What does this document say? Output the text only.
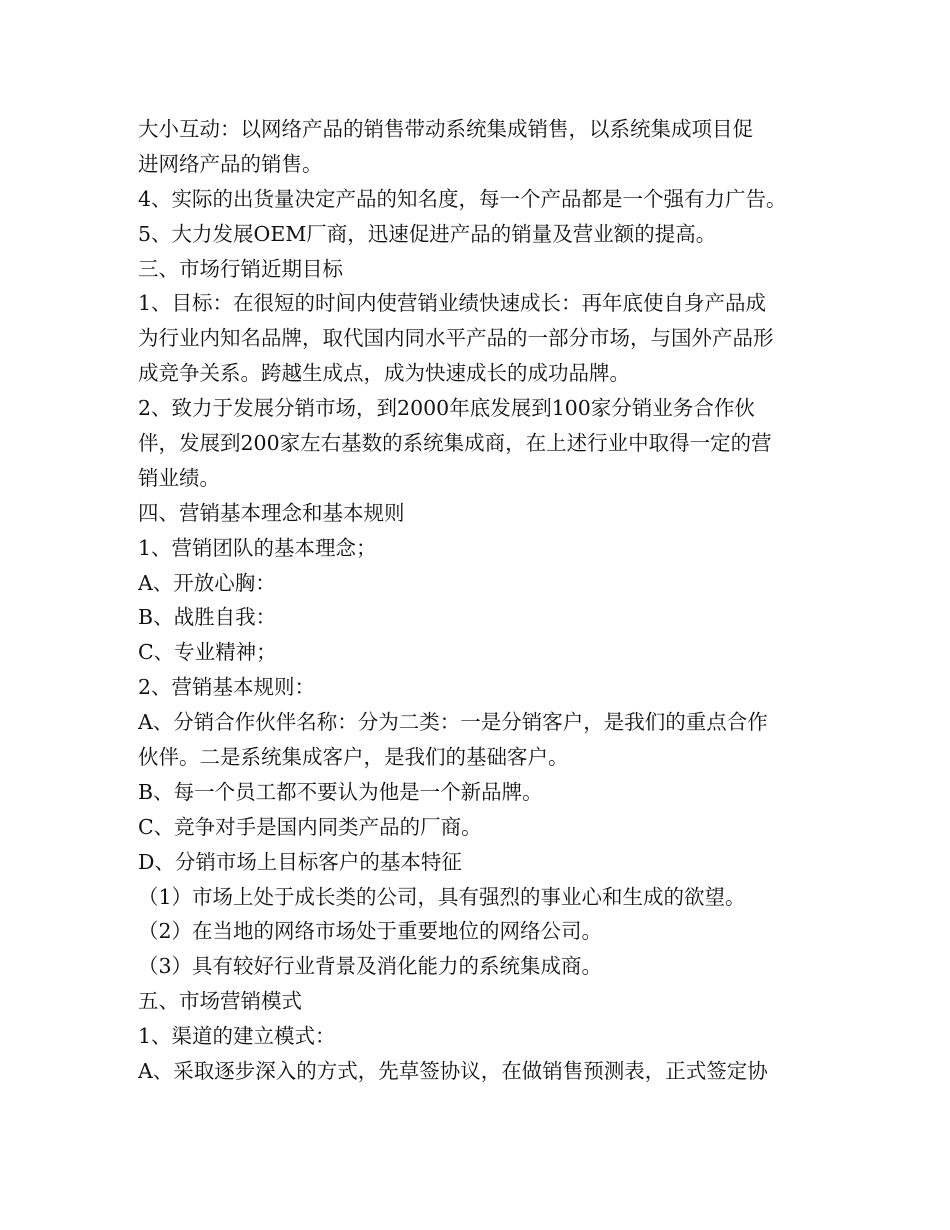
大小互动：以网络产品的销售带动系统集成销售，以系统集成项目促
进网络产品的销售。
4、实际的出货量决定产品的知名度，每一个产品都是一个强有力广告。
5、大力发展OEM厂商，迅速促进产品的销量及营业额的提高。
三、市场行销近期目标
1、目标：在很短的时间内使营销业绩快速成长：再年底使自身产品成
为行业内知名品牌，取代国内同水平产品的一部分市场，与国外产品形
成竞争关系。跨越生成点，成为快速成长的成功品牌。
2、致力于发展分销市场，到2000年底发展到100家分销业务合作伙
伴，发展到200家左右基数的系统集成商，在上述行业中取得一定的营
销业绩。
四、营销基本理念和基本规则
1、营销团队的基本理念；
A、开放心胸：
B、战胜自我：
C、专业精神；
2、营销基本规则：
A、分销合作伙伴名称：分为二类：一是分销客户，是我们的重点合作
伙伴。二是系统集成客户，是我们的基础客户。
B、每一个员工都不要认为他是一个新品牌。
C、竞争对手是国内同类产品的厂商。
D、分销市场上目标客户的基本特征
（1）市场上处于成长类的公司，具有强烈的事业心和生成的欲望。
（2）在当地的网络市场处于重要地位的网络公司。
（3）具有较好行业背景及消化能力的系统集成商。
五、市场营销模式
1、渠道的建立模式：
A、采取逐步深入的方式，先草签协议，在做销售预测表，正式签定协
